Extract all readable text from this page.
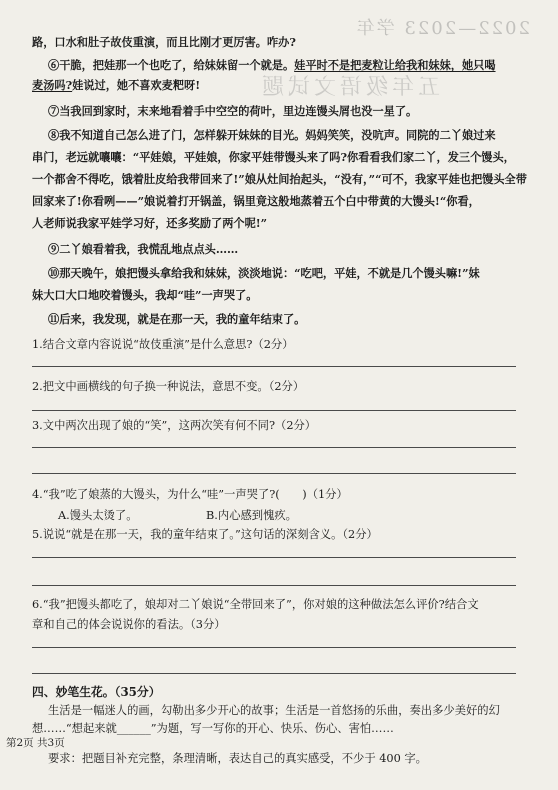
2022—2023 学年
五年级语文试题
路，口水和肚子故伎重演，而且比刚才更厉害。咋办?
⑥干脆，把娃那一个也吃了，给妹妹留一个就是。娃平时不是把麦粒让给我和妹妹，她只喝
麦汤吗?娃说过，她不喜欢麦粑呀!
⑦当我回到家时，末来地看着手中空空的荷叶，里边连馒头屑也没一星了。
⑧我不知道自己怎么进了门，怎样躲开妹妹的目光。妈妈笑笑，没吭声。同院的二丫娘过来
串门，老远就嚷嚷：“平娃娘，平娃娘，你家平娃带馒头来了吗?你看看我们家二丫，发三个馒头，
一个都舍不得吃，饿着肚皮给我带回来了!”娘从灶间抬起头，“没有，”“可不，我家平娃也把馒头全带
回家来了!你看咧——”娘说着打开锅盖，锅里竟这般地蒸着五个白中带黄的大馒头!“你看，
人老师说我家平娃学习好，还多奖励了两个呢!”
⑨二丫娘看着我，我慌乱地点点头……
⑩那天晚午，娘把馒头拿给我和妹妹，淡淡地说：“吃吧，平娃，不就是几个馒头嘛!”妹
妹大口大口地咬着馒头，我却“哇”一声哭了。
⑪后来，我发现，就是在那一天，我的童年结束了。
1.结合文章内容说说“故伎重演”是什么意思?（2分）
2.把文中画横线的句子换一种说法，意思不变。（2分）
3.文中两次出现了娘的“笑”，这两次笑有何不同?（2分）
4.“我”吃了娘蒸的大馒头，为什么“哇”一声哭了?(　　)（1分）
A.馒头太烫了。	B.内心感到愧疚。
5.说说“就是在那一天，我的童年结束了。”这句话的深刻含义。（2分）
6.“我”把馒头都吃了，娘却对二丫娘说“全带回来了”，你对娘的这种做法怎么评价?结合文
章和自己的体会说说你的看法。（3分）
四、妙笔生花。（35分）
生活是一幅迷人的画，勾勒出多少开心的故事；生活是一首悠扬的乐曲，奏出多少美好的幻
想……“想起来就______”为题，写一写你的开心、快乐、伤心、害怕……
要求：把题目补充完整，条理清晰，表达自己的真实感受，不少于 400 字。
第2页 共3页
